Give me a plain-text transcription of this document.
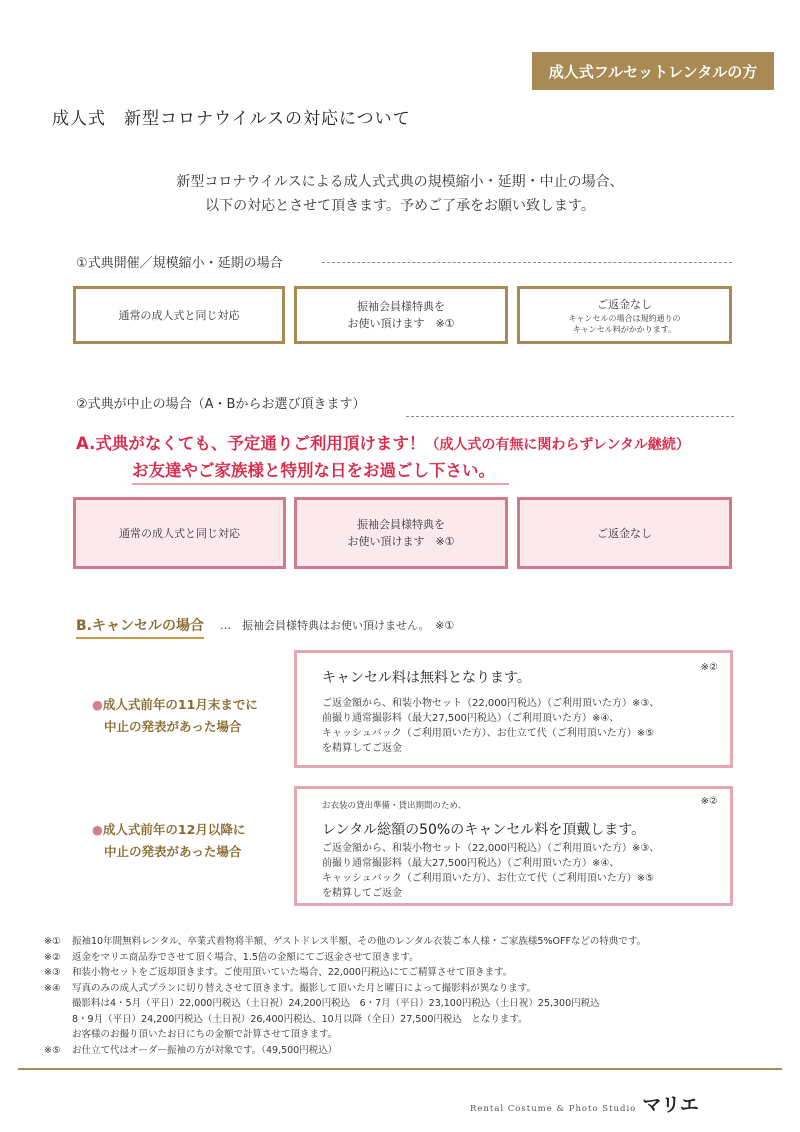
成人式フルセットレンタルの方
成人式　新型コロナウイルスの対応について
新型コロナウイルスによる成人式式典の規模縮小・延期・中止の場合、
以下の対応とさせて頂きます。予めご了承をお願い致します。
①式典開催／規模縮小・延期の場合
通常の成人式と同じ対応
振袖会員様特典を
お使い頂けます　※①
ご返金なし
キャンセルの場合は規約通りの
キャンセル料がかかります。
②式典が中止の場合（A・Bからお選び頂きます）
A.式典がなくても、予定通りご利用頂けます！（成人式の有無に関わらずレンタル継続）
お友達やご家族様と特別な日をお過ごし下さい。
通常の成人式と同じ対応
振袖会員様特典を
お使い頂けます　※①
ご返金なし
B.キャンセルの場合 …　振袖会員様特典はお使い頂けません。　※①
●成人式前年の11月末までに
中止の発表があった場合
※②
キャンセル料は無料となります。
ご返金額から、和装小物セット（22,000円税込）（ご利用頂いた方）※③、
前撮り通常撮影料（最大27,500円税込）（ご利用頂いた方）※④、
キャッシュバック（ご利用頂いた方）、お仕立て代（ご利用頂いた方）※⑤
を精算してご返金
●成人式前年の12月以降に
中止の発表があった場合
※②
お衣装の貸出準備・貸出期間のため、
レンタル総額の50%のキャンセル料を頂戴します。
ご返金額から、和装小物セット（22,000円税込）（ご利用頂いた方）※③、
前撮り通常撮影料（最大27,500円税込）（ご利用頂いた方）※④、
キャッシュバック（ご利用頂いた方）、お仕立て代（ご利用頂いた方）※⑤
を精算してご返金
※①	振袖10年間無料レンタル、卒業式着物将半額、ゲストドレス半額、その他のレンタル衣装ご本人様・ご家族様5%OFFなどの特典です。
※②	返金をマリエ商品券でさせて頂く場合、1.5倍の金額にてご返金させて頂きます。
※③	和装小物セットをご返却頂きます。ご使用頂いていた場合、22,000円税込にてご精算させて頂きます。
※④	写真のみの成人式プランに切り替えさせて頂きます。撮影して頂いた月と曜日によって撮影料が異なります。
撮影料は4・5月（平日）22,000円税込（土日祝）24,200円税込　6・7月（平日）23,100円税込（土日祝）25,300円税込
8・9月（平日）24,200円税込（土日祝）26,400円税込、10月以降（全日）27,500円税込　となります。
お客様のお撮り頂いたお日にちの金額で計算させて頂きます。
※⑤	お仕立て代はオーダー振袖の方が対象です。（49,500円税込）
Rental Costume & Photo Studio マリエ
